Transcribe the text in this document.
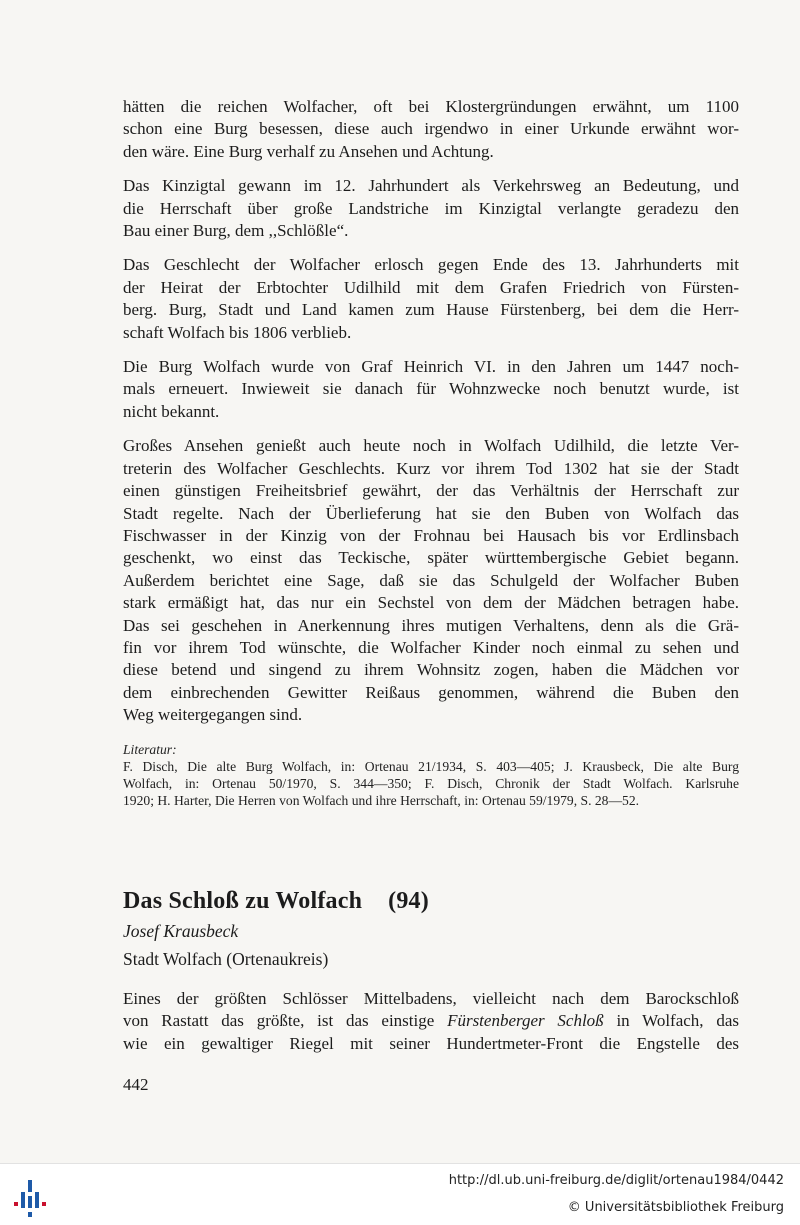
hätten die reichen Wolfacher, oft bei Klostergründungen erwähnt, um 1100
schon eine Burg besessen, diese auch irgendwo in einer Urkunde erwähnt wor-
den wäre. Eine Burg verhalf zu Ansehen und Achtung.

Das Kinzigtal gewann im 12. Jahrhundert als Verkehrsweg an Bedeutung, und
die Herrschaft über große Landstriche im Kinzigtal verlangte geradezu den
Bau einer Burg, dem ,,Schlößle“.

Das Geschlecht der Wolfacher erlosch gegen Ende des 13. Jahrhunderts mit
der Heirat der Erbtochter Udilhild mit dem Grafen Friedrich von Fürsten-
berg. Burg, Stadt und Land kamen zum Hause Fürstenberg, bei dem die Herr-
schaft Wolfach bis 1806 verblieb.

Die Burg Wolfach wurde von Graf Heinrich VI. in den Jahren um 1447 noch-
mals erneuert. Inwieweit sie danach für Wohnzwecke noch benutzt wurde, ist
nicht bekannt.

Großes Ansehen genießt auch heute noch in Wolfach Udilhild, die letzte Ver-
treterin des Wolfacher Geschlechts. Kurz vor ihrem Tod 1302 hat sie der Stadt
einen günstigen Freiheitsbrief gewährt, der das Verhältnis der Herrschaft zur
Stadt regelte. Nach der Überlieferung hat sie den Buben von Wolfach das
Fischwasser in der Kinzig von der Frohnau bei Hausach bis vor Erdlinsbach
geschenkt, wo einst das Teckische, später württembergische Gebiet begann.
Außerdem berichtet eine Sage, daß sie das Schulgeld der Wolfacher Buben
stark ermäßigt hat, das nur ein Sechstel von dem der Mädchen betragen habe.
Das sei geschehen in Anerkennung ihres mutigen Verhaltens, denn als die Grä-
fin vor ihrem Tod wünschte, die Wolfacher Kinder noch einmal zu sehen und
diese betend und singend zu ihrem Wohnsitz zogen, haben die Mädchen vor
dem einbrechenden Gewitter Reißaus genommen, während die Buben den
Weg weitergegangen sind.

Literatur:
F. Disch, Die alte Burg Wolfach, in: Ortenau 21/1934, S. 403—405; J. Krausbeck, Die alte Burg
Wolfach, in: Ortenau 50/1970, S. 344—350; F. Disch, Chronik der Stadt Wolfach. Karlsruhe
1920; H. Harter, Die Herren von Wolfach und ihre Herrschaft, in: Ortenau 59/1979, S. 28—52.
Das Schloß zu Wolfach (94)

Josef Krausbeck

Stadt Wolfach (Ortenaukreis)

Eines der größten Schlösser Mittelbadens, vielleicht nach dem Barockschloß
von Rastatt das größte, ist das einstige Fürstenberger Schloß in Wolfach, das
wie ein gewaltiger Riegel mit seiner Hundertmeter-Front die Engstelle des

442

http://dl.ub.uni-freiburg.de/diglit/ortenau1984/0442
© Universitätsbibliothek Freiburg
